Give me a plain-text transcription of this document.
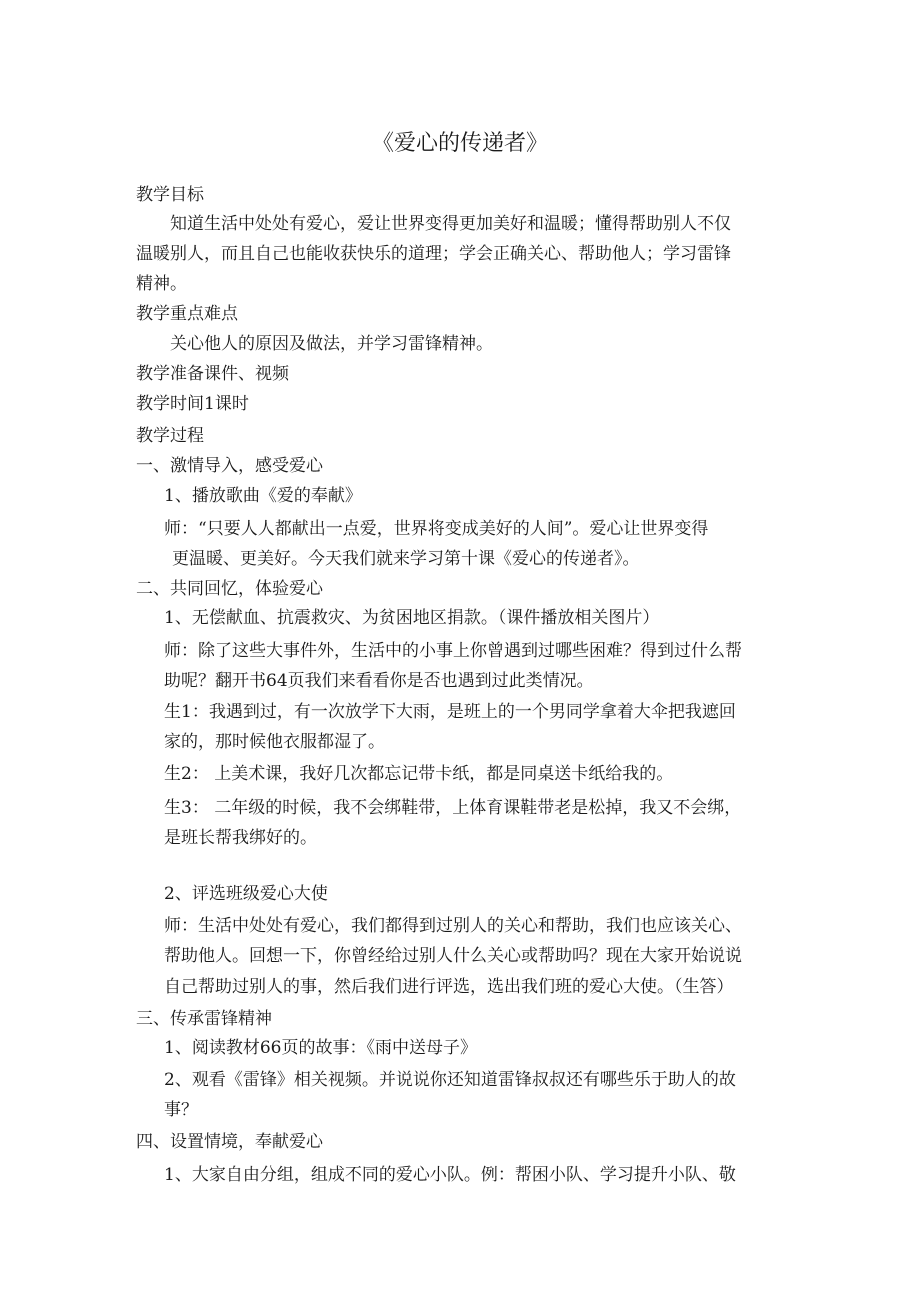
《爱心的传递者》
教学目标
知道生活中处处有爱心，爱让世界变得更加美好和温暖；懂得帮助别人不仅
温暖别人，而且自己也能收获快乐的道理；学会正确关心、帮助他人；学习雷锋
精神。
教学重点难点
关心他人的原因及做法，并学习雷锋精神。
教学准备课件、视频
教学时间1课时
教学过程
一、激情导入，感受爱心
1、播放歌曲《爱的奉献》
师：“只要人人都献出一点爱，世界将变成美好的人间”。爱心让世界变得
更温暖、更美好。今天我们就来学习第十课《爱心的传递者》。
二、共同回忆，体验爱心
1、无偿献血、抗震救灾、为贫困地区捐款。（课件播放相关图片）
师：除了这些大事件外，生活中的小事上你曾遇到过哪些困难？得到过什么帮
助呢？翻开书64页我们来看看你是否也遇到过此类情况。
生1：我遇到过，有一次放学下大雨，是班上的一个男同学拿着大伞把我遮回
家的，那时候他衣服都湿了。
生2： 上美术课，我好几次都忘记带卡纸，都是同桌送卡纸给我的。
生3： 二年级的时候，我不会绑鞋带，上体育课鞋带老是松掉，我又不会绑，
是班长帮我绑好的。
2、评选班级爱心大使
师：生活中处处有爱心，我们都得到过别人的关心和帮助，我们也应该关心、
帮助他人。回想一下，你曾经给过别人什么关心或帮助吗？现在大家开始说说
自己帮助过别人的事，然后我们进行评选，选出我们班的爱心大使。（生答）
三、传承雷锋精神
1、阅读教材66页的故事：《雨中送母子》
2、观看《雷锋》相关视频。并说说你还知道雷锋叔叔还有哪些乐于助人的故
事？
四、设置情境，奉献爱心
1、大家自由分组，组成不同的爱心小队。例：帮困小队、学习提升小队、敬
